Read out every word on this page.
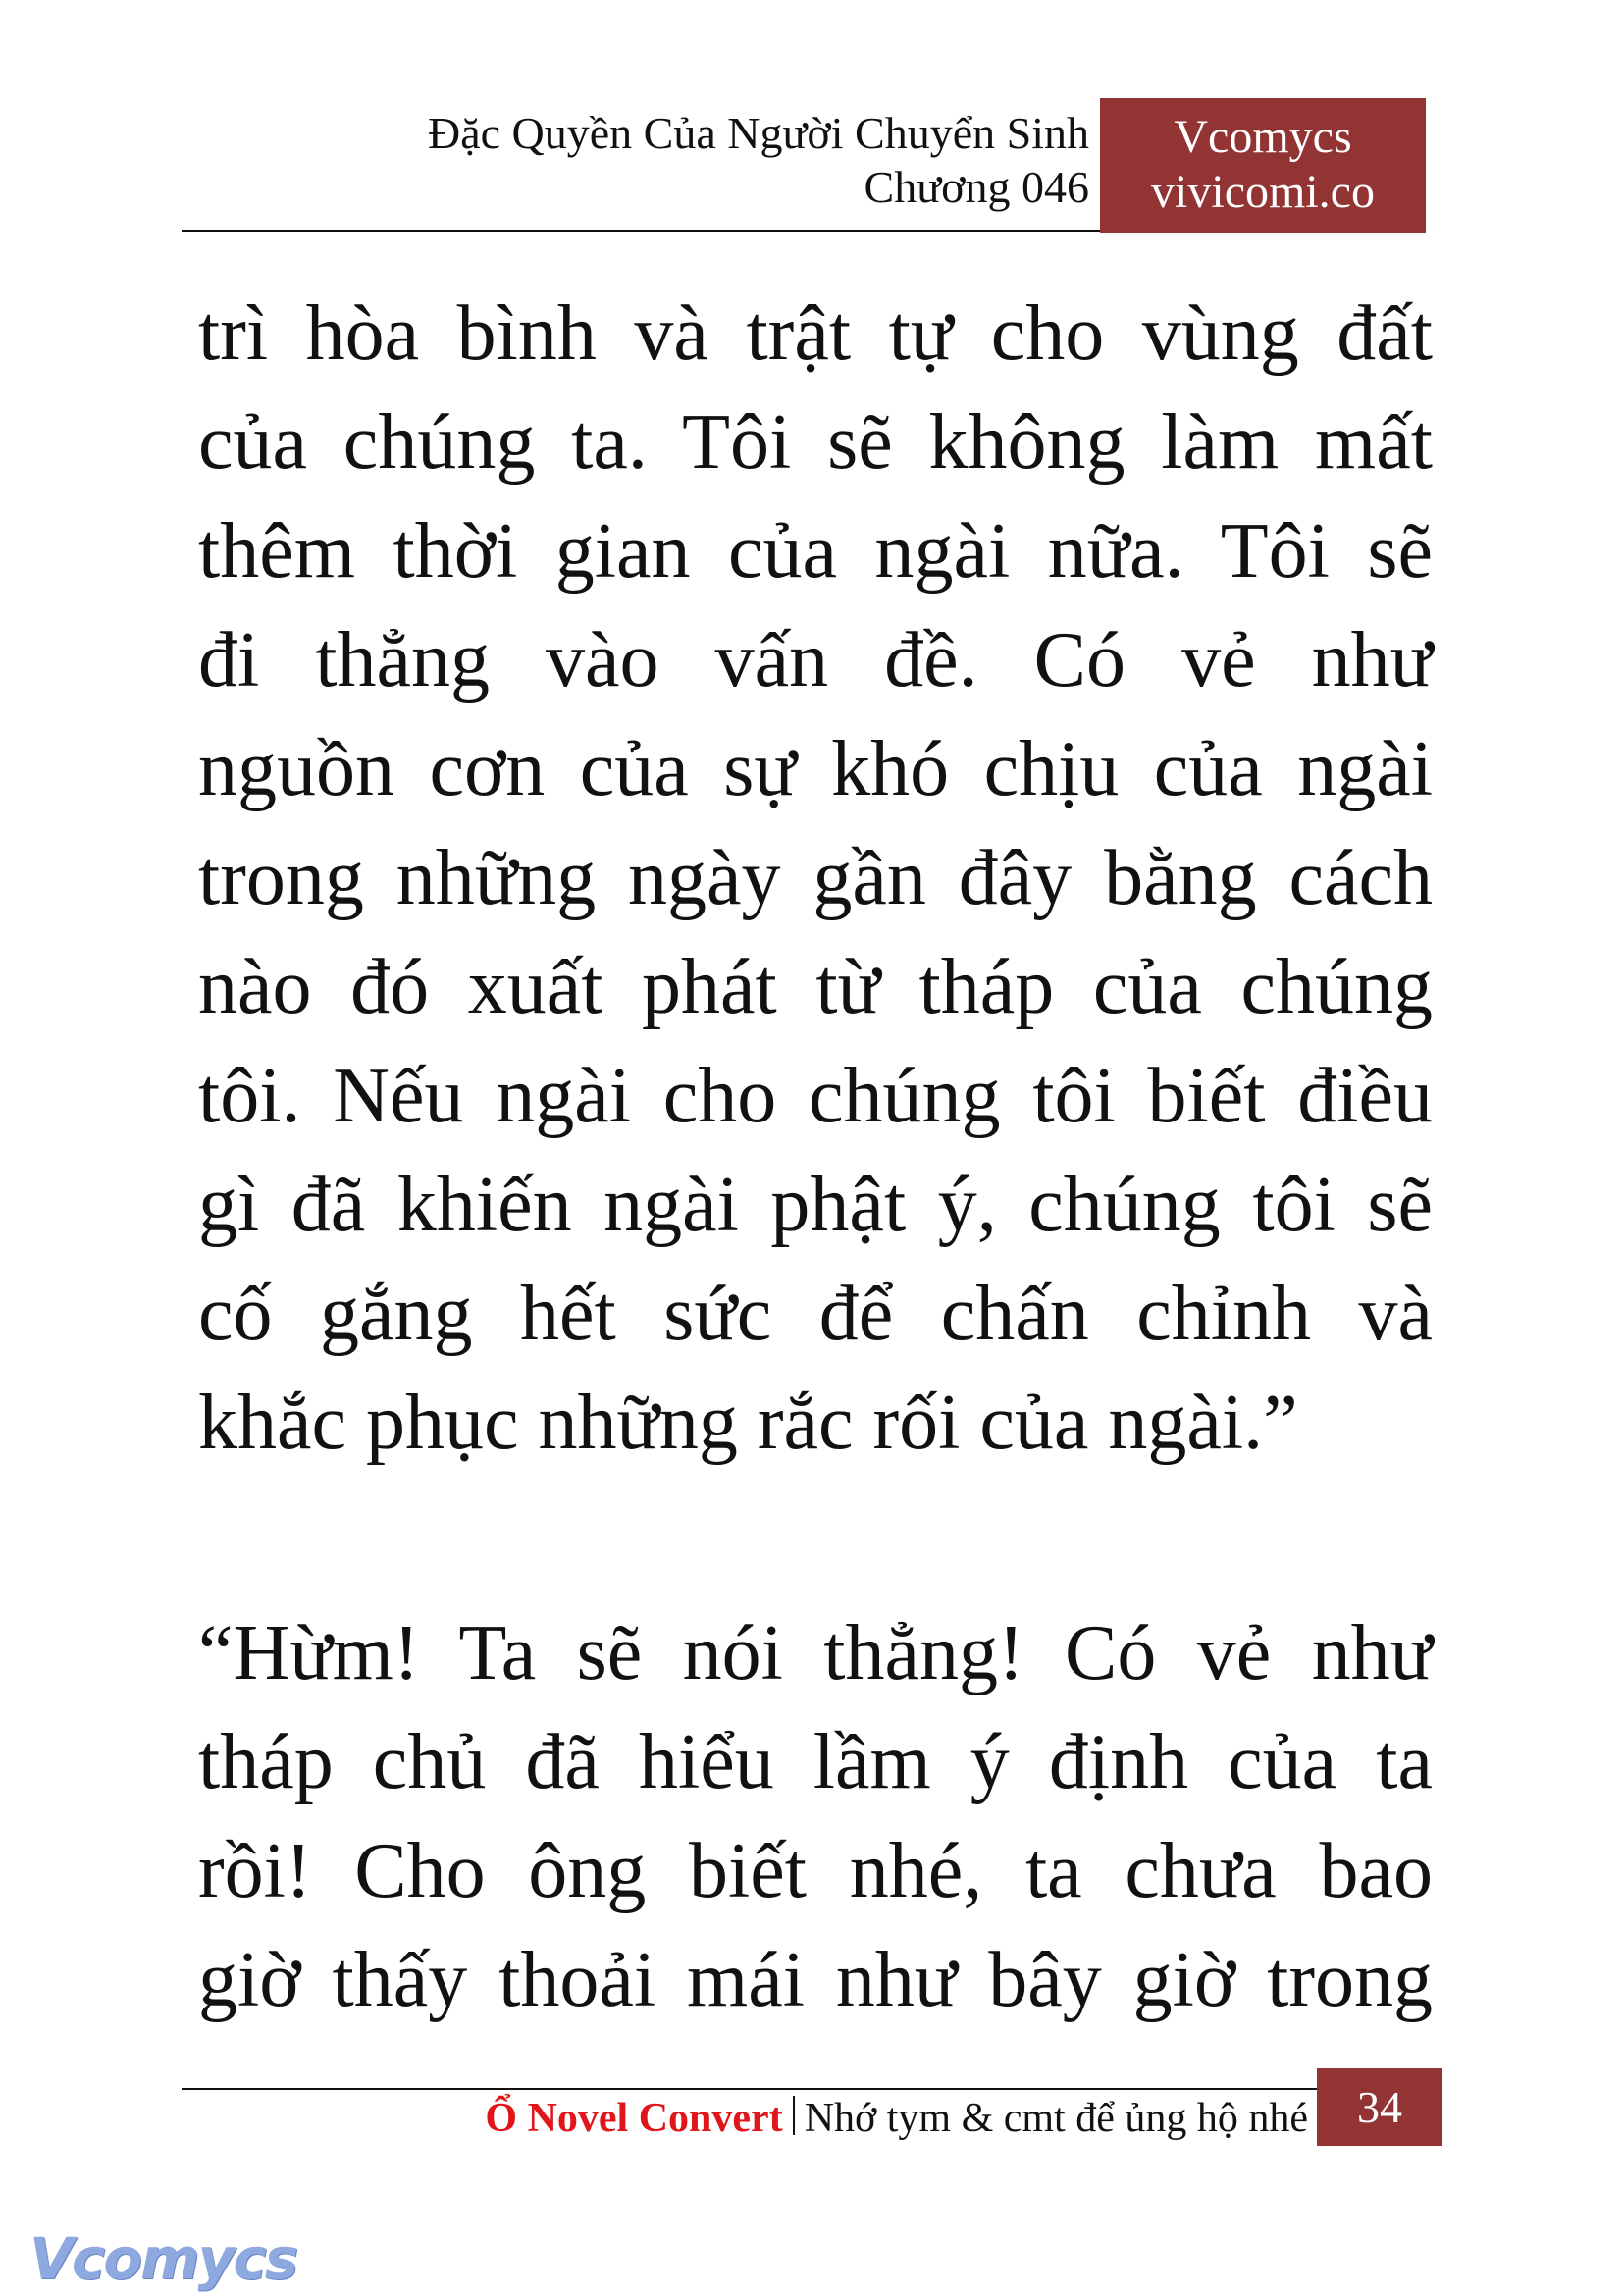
Đặc Quyền Của Người Chuyển Sinh
Chương 046
Vcomycs
vivicomi.co
trì hòa bình và trật tự cho vùng đất
của chúng ta. Tôi sẽ không làm mất
thêm thời gian của ngài nữa. Tôi sẽ
đi thẳng vào vấn đề. Có vẻ như
nguồn cơn của sự khó chịu của ngài
trong những ngày gần đây bằng cách
nào đó xuất phát từ tháp của chúng
tôi. Nếu ngài cho chúng tôi biết điều
gì đã khiến ngài phật ý, chúng tôi sẽ
cố gắng hết sức để chấn chỉnh và
khắc phục những rắc rối của ngài.”
“Hừm! Ta sẽ nói thẳng! Có vẻ như
tháp chủ đã hiểu lầm ý định của ta
rồi! Cho ông biết nhé, ta chưa bao
giờ thấy thoải mái như bây giờ trong
Ổ Novel Convert Nhớ tym & cmt để ủng hộ nhé	34
Vcomycs
